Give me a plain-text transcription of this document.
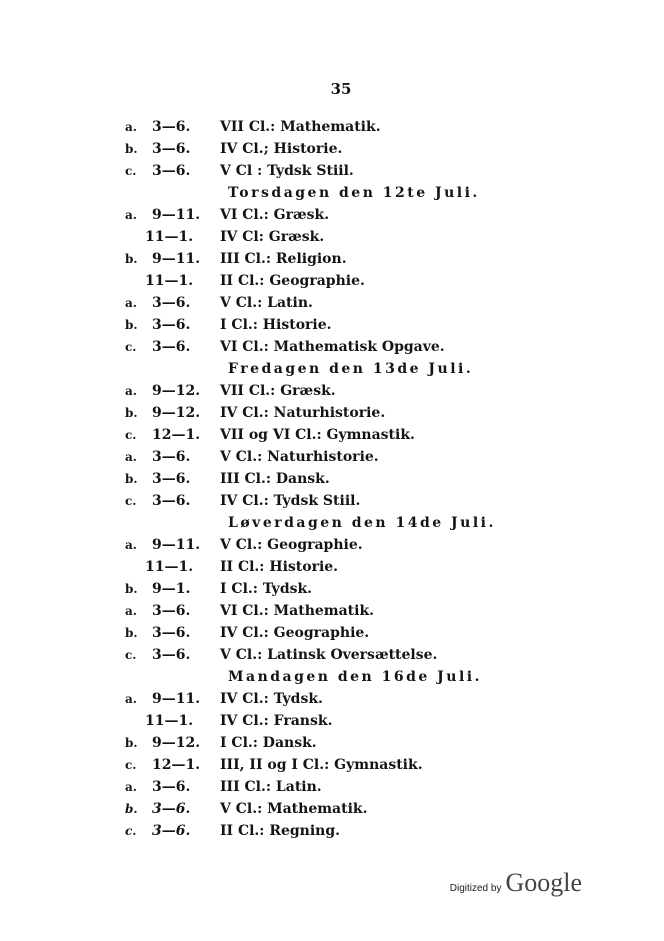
35
a.	3—6.	VII Cl.: Mathematik.
b.	3—6.	IV Cl.; Historie.
c.	3—6.	V Cl : Tydsk Stiil.
Torsdagen den 12te Juli.
a.	9—11.	VI Cl.: Græsk.
11—1.	IV Cl: Græsk.
b.	9—11.	III Cl.: Religion.
11—1.	II Cl.: Geographie.
a.	3—6.	V Cl.: Latin.
b.	3—6.	I Cl.: Historie.
c.	3—6.	VI Cl.: Mathematisk Opgave.
Fredagen den 13de Juli.
a.	9—12.	VII Cl.: Græsk.
b.	9—12.	IV Cl.: Naturhistorie.
c.	12—1.	VII og VI Cl.: Gymnastik.
a.	3—6.	V Cl.: Naturhistorie.
b.	3—6.	III Cl.: Dansk.
c.	3—6.	IV Cl.: Tydsk Stiil.
Løverdagen den 14de Juli.
a.	9—11.	V Cl.: Geographie.
11—1.	II Cl.: Historie.
b.	9—1.	I Cl.: Tydsk.
a.	3—6.	VI Cl.: Mathematik.
b.	3—6.	IV Cl.: Geographie.
c.	3—6.	V Cl.: Latinsk Oversættelse.
Mandagen den 16de Juli.
a.	9—11.	IV Cl.: Tydsk.
11—1.	IV Cl.: Fransk.
b.	9—12.	I Cl.: Dansk.
c.	12—1.	III, II og I Cl.: Gymnastik.
a.	3—6.	III Cl.: Latin.
b.	3—6.	V Cl.: Mathematik.
c.	3—6.	II Cl.: Regning.
Digitized by Google
